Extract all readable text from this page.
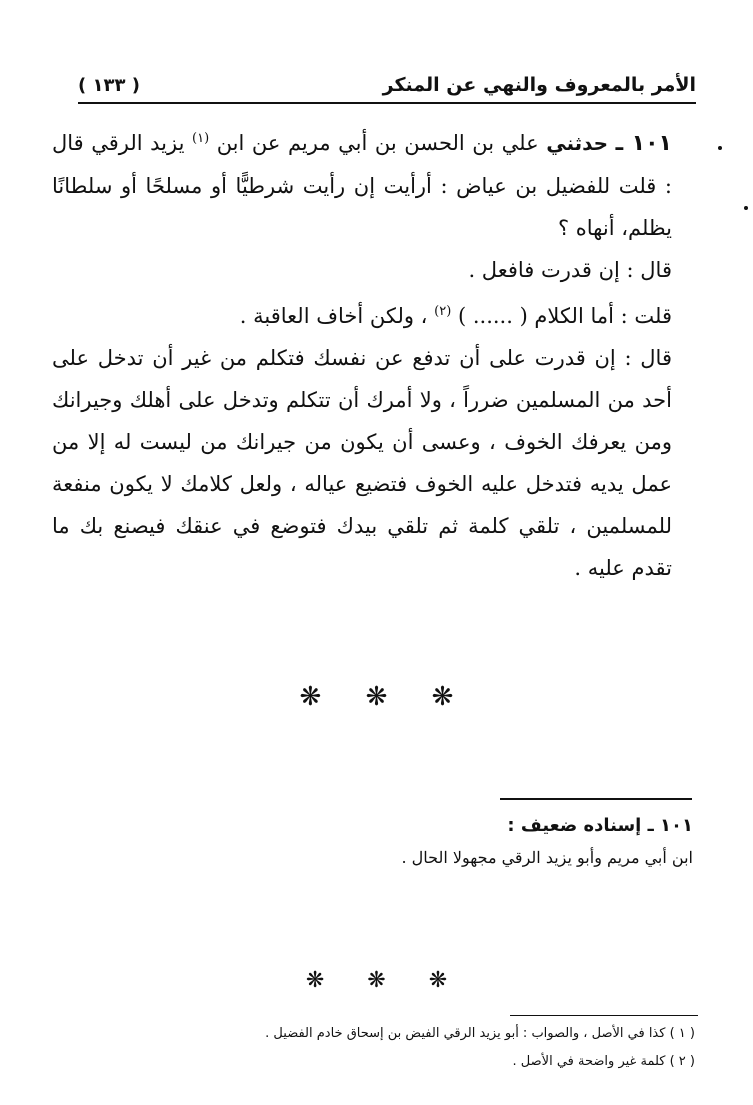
الأمر بالمعروف والنهي عن المنكر
( ١٣٣ )

١٠١ ـ حدثني علي بن الحسن بن أبي مريم عن ابن $^{(١)}$ يزيد الرقي قال : قلت للفضيل بن عياض : أرأيت إن رأيت شرطيًّا أو مسلحًا أو سلطانًا يظلم، أنهاه ؟

قال : إن قدرت فافعل .

قلت : أما الكلام ( ...... ) $^{(٢)}$ ، ولكن أخاف العاقبة .

قال : إن قدرت على أن تدفع عن نفسك فتكلم من غير أن تدخل على أحد من المسلمين ضرراً ، ولا أمرك أن تتكلم وتدخل على أهلك وجيرانك ومن يعرفك الخوف ، وعسى أن يكون من جيرانك من ليست له إلا من عمل يديه فتدخل عليه الخوف فتضيع عياله ، ولعل كلامك لا يكون منفعة للمسلمين ، تلقي كلمة ثم تلقي بيدك فتوضع في عنقك فيصنع بك ما تقدم عليه .

❋ ❋ ❋
١٠١ ـ إسناده ضعيف :
ابن أبي مريم وأبو يزيد الرقي مجهولا الحال .
❋ ❋ ❋
( ١ ) كذا في الأصل ، والصواب : أبو يزيد الرقي الفيض بن إسحاق خادم الفضيل .
( ٢ ) كلمة غير واضحة في الأصل .
